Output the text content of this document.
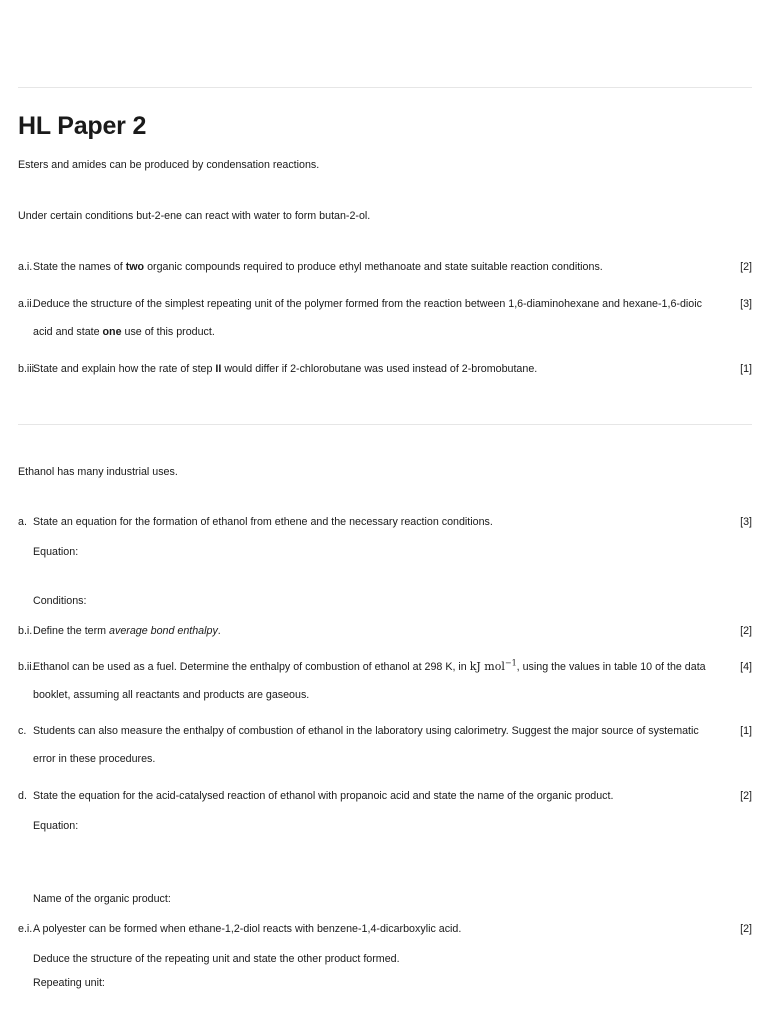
HL Paper 2
Esters and amides can be produced by condensation reactions.
Under certain conditions but-2-ene can react with water to form butan-2-ol.
a.i. State the names of two organic compounds required to produce ethyl methanoate and state suitable reaction conditions.	[2]
a.ii.
Deduce the structure of the simplest repeating unit of the polymer formed from the reaction between 1,6-diaminohexane and hexane-1,6-dioic
acid and state one use of this product.
[3]
b.iii.
State and explain how the rate of step II would differ if 2-chlorobutane was used instead of 2-bromobutane.	[1]
Ethanol has many industrial uses.
a. State an equation for the formation of ethanol from ethene and the necessary reaction conditions.	[3]
Equation:
Conditions:
b.i. Define the term average bond enthalpy.	[2]
b.ii.
Ethanol can be used as a fuel. Determine the enthalpy of combustion of ethanol at 298 K, in kJ mol$^{-1}$, using the values in table 10 of the data
booklet, assuming all reactants and products are gaseous.
[4]
c. Students can also measure the enthalpy of combustion of ethanol in the laboratory using calorimetry. Suggest the major source of systematic
error in these procedures.
[1]
d. State the equation for the acid-catalysed reaction of ethanol with propanoic acid and state the name of the organic product.	[2]
Equation:
Name of the organic product:
e.i. A polyester can be formed when ethane-1,2-diol reacts with benzene-1,4-dicarboxylic acid.	[2]
Deduce the structure of the repeating unit and state the other product formed.
Repeating unit:
